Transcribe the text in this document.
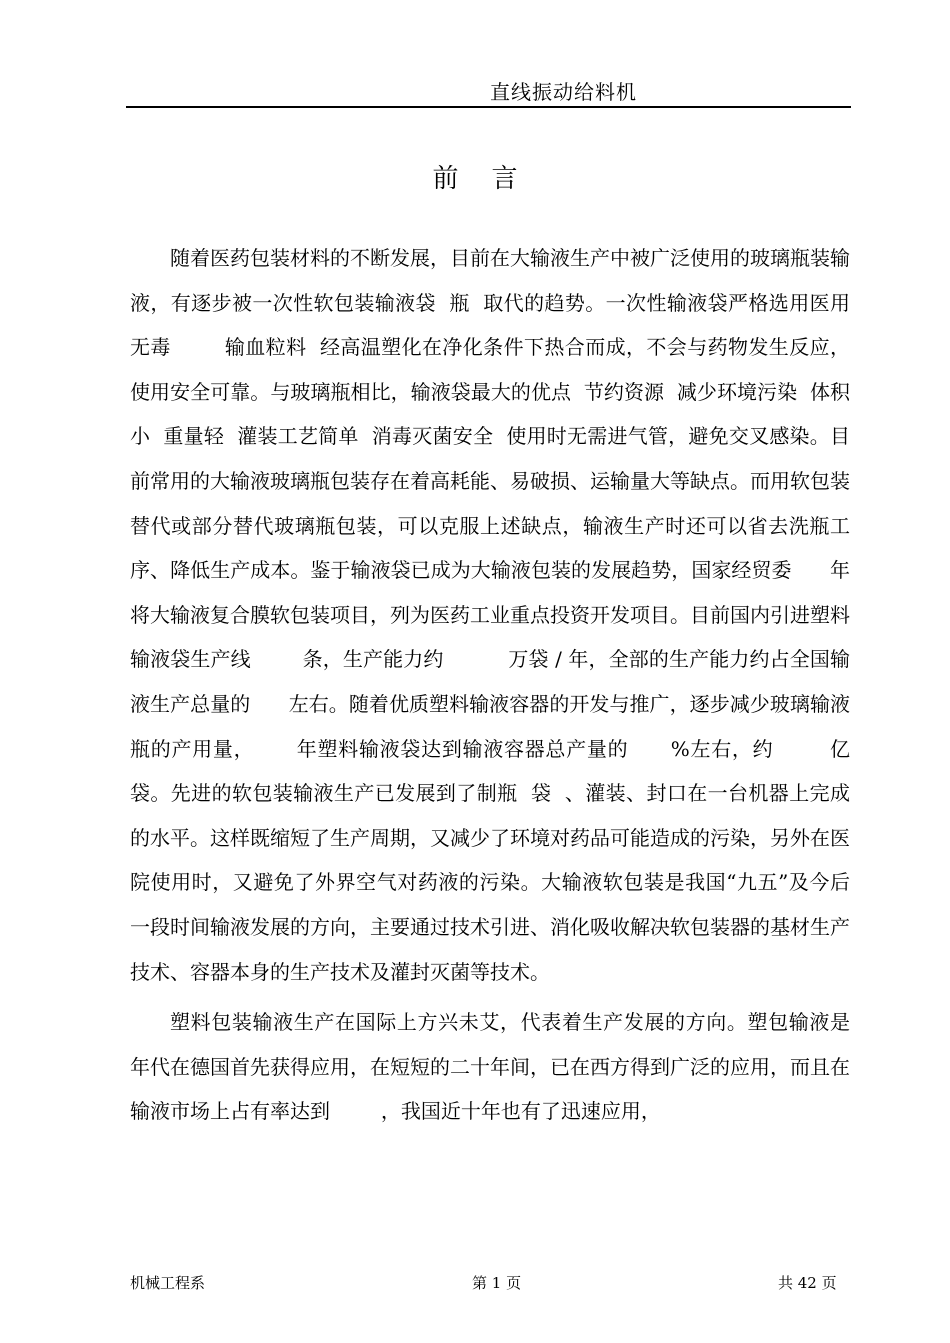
直线振动给料机
前    言

随着医药包装材料的不断发展，目前在大输液生产中被广泛使用的玻璃瓶装输液，有逐步被一次性软包装输液袋  瓶  取代的趋势。一次性输液袋严格选用医用无毒        输血粒料  经高温塑化在净化条件下热合而成，不会与药物发生反应，使用安全可靠。与玻璃瓶相比，输液袋最大的优点  节约资源  减少环境污染  体积小  重量轻  灌装工艺简单  消毒灭菌安全  使用时无需进气管，避免交叉感染。目前常用的大输液玻璃瓶包装存在着高耗能、易破损、运输量大等缺点。而用软包装替代或部分替代玻璃瓶包装，可以克服上述缺点，输液生产时还可以省去洗瓶工序、降低生产成本。鉴于输液袋已成为大输液包装的发展趋势，国家经贸委      年将大输液复合膜软包装项目，列为医药工业重点投资开发项目。目前国内引进塑料输液袋生产线        条，生产能力约          万袋 / 年，全部的生产能力约占全国输液生产总量的      左右。随着优质塑料输液容器的开发与推广，逐步减少玻璃输液瓶的产用量，      年塑料输液袋达到输液容器总产量的      %左右，约        亿袋。先进的软包装输液生产已发展到了制瓶  袋  、灌装、封口在一台机器上完成的水平。这样既缩短了生产周期，又减少了环境对药品可能造成的污染，另外在医院使用时，又避免了外界空气对药液的污染。大输液软包装是我国“九五”及今后一段时间输液发展的方向，主要通过技术引进、消化吸收解决软包装器的基材生产技术、容器本身的生产技术及灌封灭菌等技术。

塑料包装输液生产在国际上方兴未艾，代表着生产发展的方向。塑包输液是        年代在德国首先获得应用，在短短的二十年间，已在西方得到广泛的应用，而且在输液市场上占有率达到        ，我国近十年也有了迅速应用，

机械工程系	第 1 页	共 42 页
